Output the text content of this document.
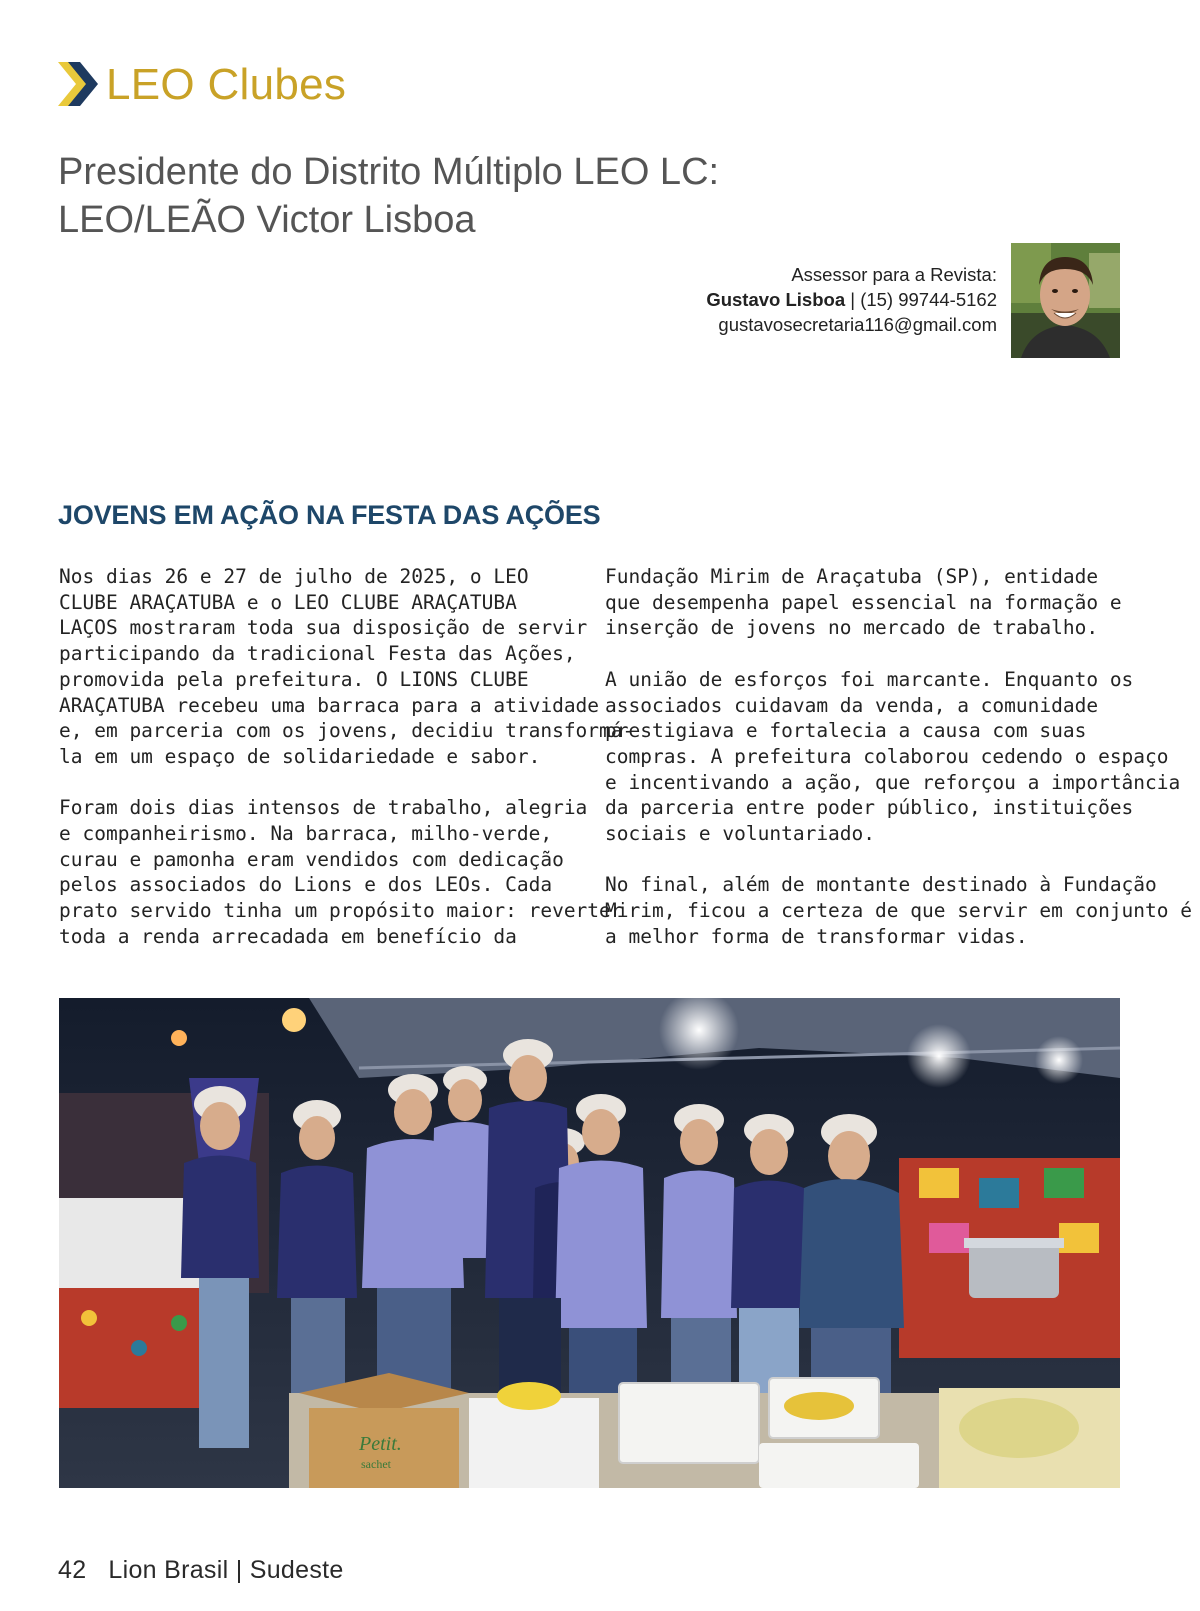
LEO Clubes
Presidente do Distrito Múltiplo LEO LC:
LEO/LEÃO Victor Lisboa
Assessor para a Revista:
Gustavo Lisboa | (15) 99744-5162
gustavosecretaria116@gmail.com
JOVENS EM AÇÃO NA FESTA DAS AÇÕES

Nos dias 26 e 27 de julho de 2025, o LEO
CLUBE ARAÇATUBA e o LEO CLUBE ARAÇATUBA
LAÇOS mostraram toda sua disposição de servir
participando da tradicional Festa das Ações,
promovida pela prefeitura. O LIONS CLUBE
ARAÇATUBA recebeu uma barraca para a atividade
e, em parceria com os jovens, decidiu transformá-
la em um espaço de solidariedade e sabor.

Foram dois dias intensos de trabalho, alegria
e companheirismo. Na barraca, milho-verde,
curau e pamonha eram vendidos com dedicação
pelos associados do Lions e dos LEOs. Cada
prato servido tinha um propósito maior: reverter
toda a renda arrecadada em benefício da

Fundação Mirim de Araçatuba (SP), entidade
que desempenha papel essencial na formação e
inserção de jovens no mercado de trabalho.

A união de esforços foi marcante. Enquanto os
associados cuidavam da venda, a comunidade
prestigiava e fortalecia a causa com suas
compras. A prefeitura colaborou cedendo o espaço
e incentivando a ação, que reforçou a importância
da parceria entre poder público, instituições
sociais e voluntariado.

No final, além de montante destinado à Fundação
Mirim, ficou a certeza de que servir em conjunto é
a melhor forma de transformar vidas.

Petit.
sachet
42 Lion Brasil | Sudeste
